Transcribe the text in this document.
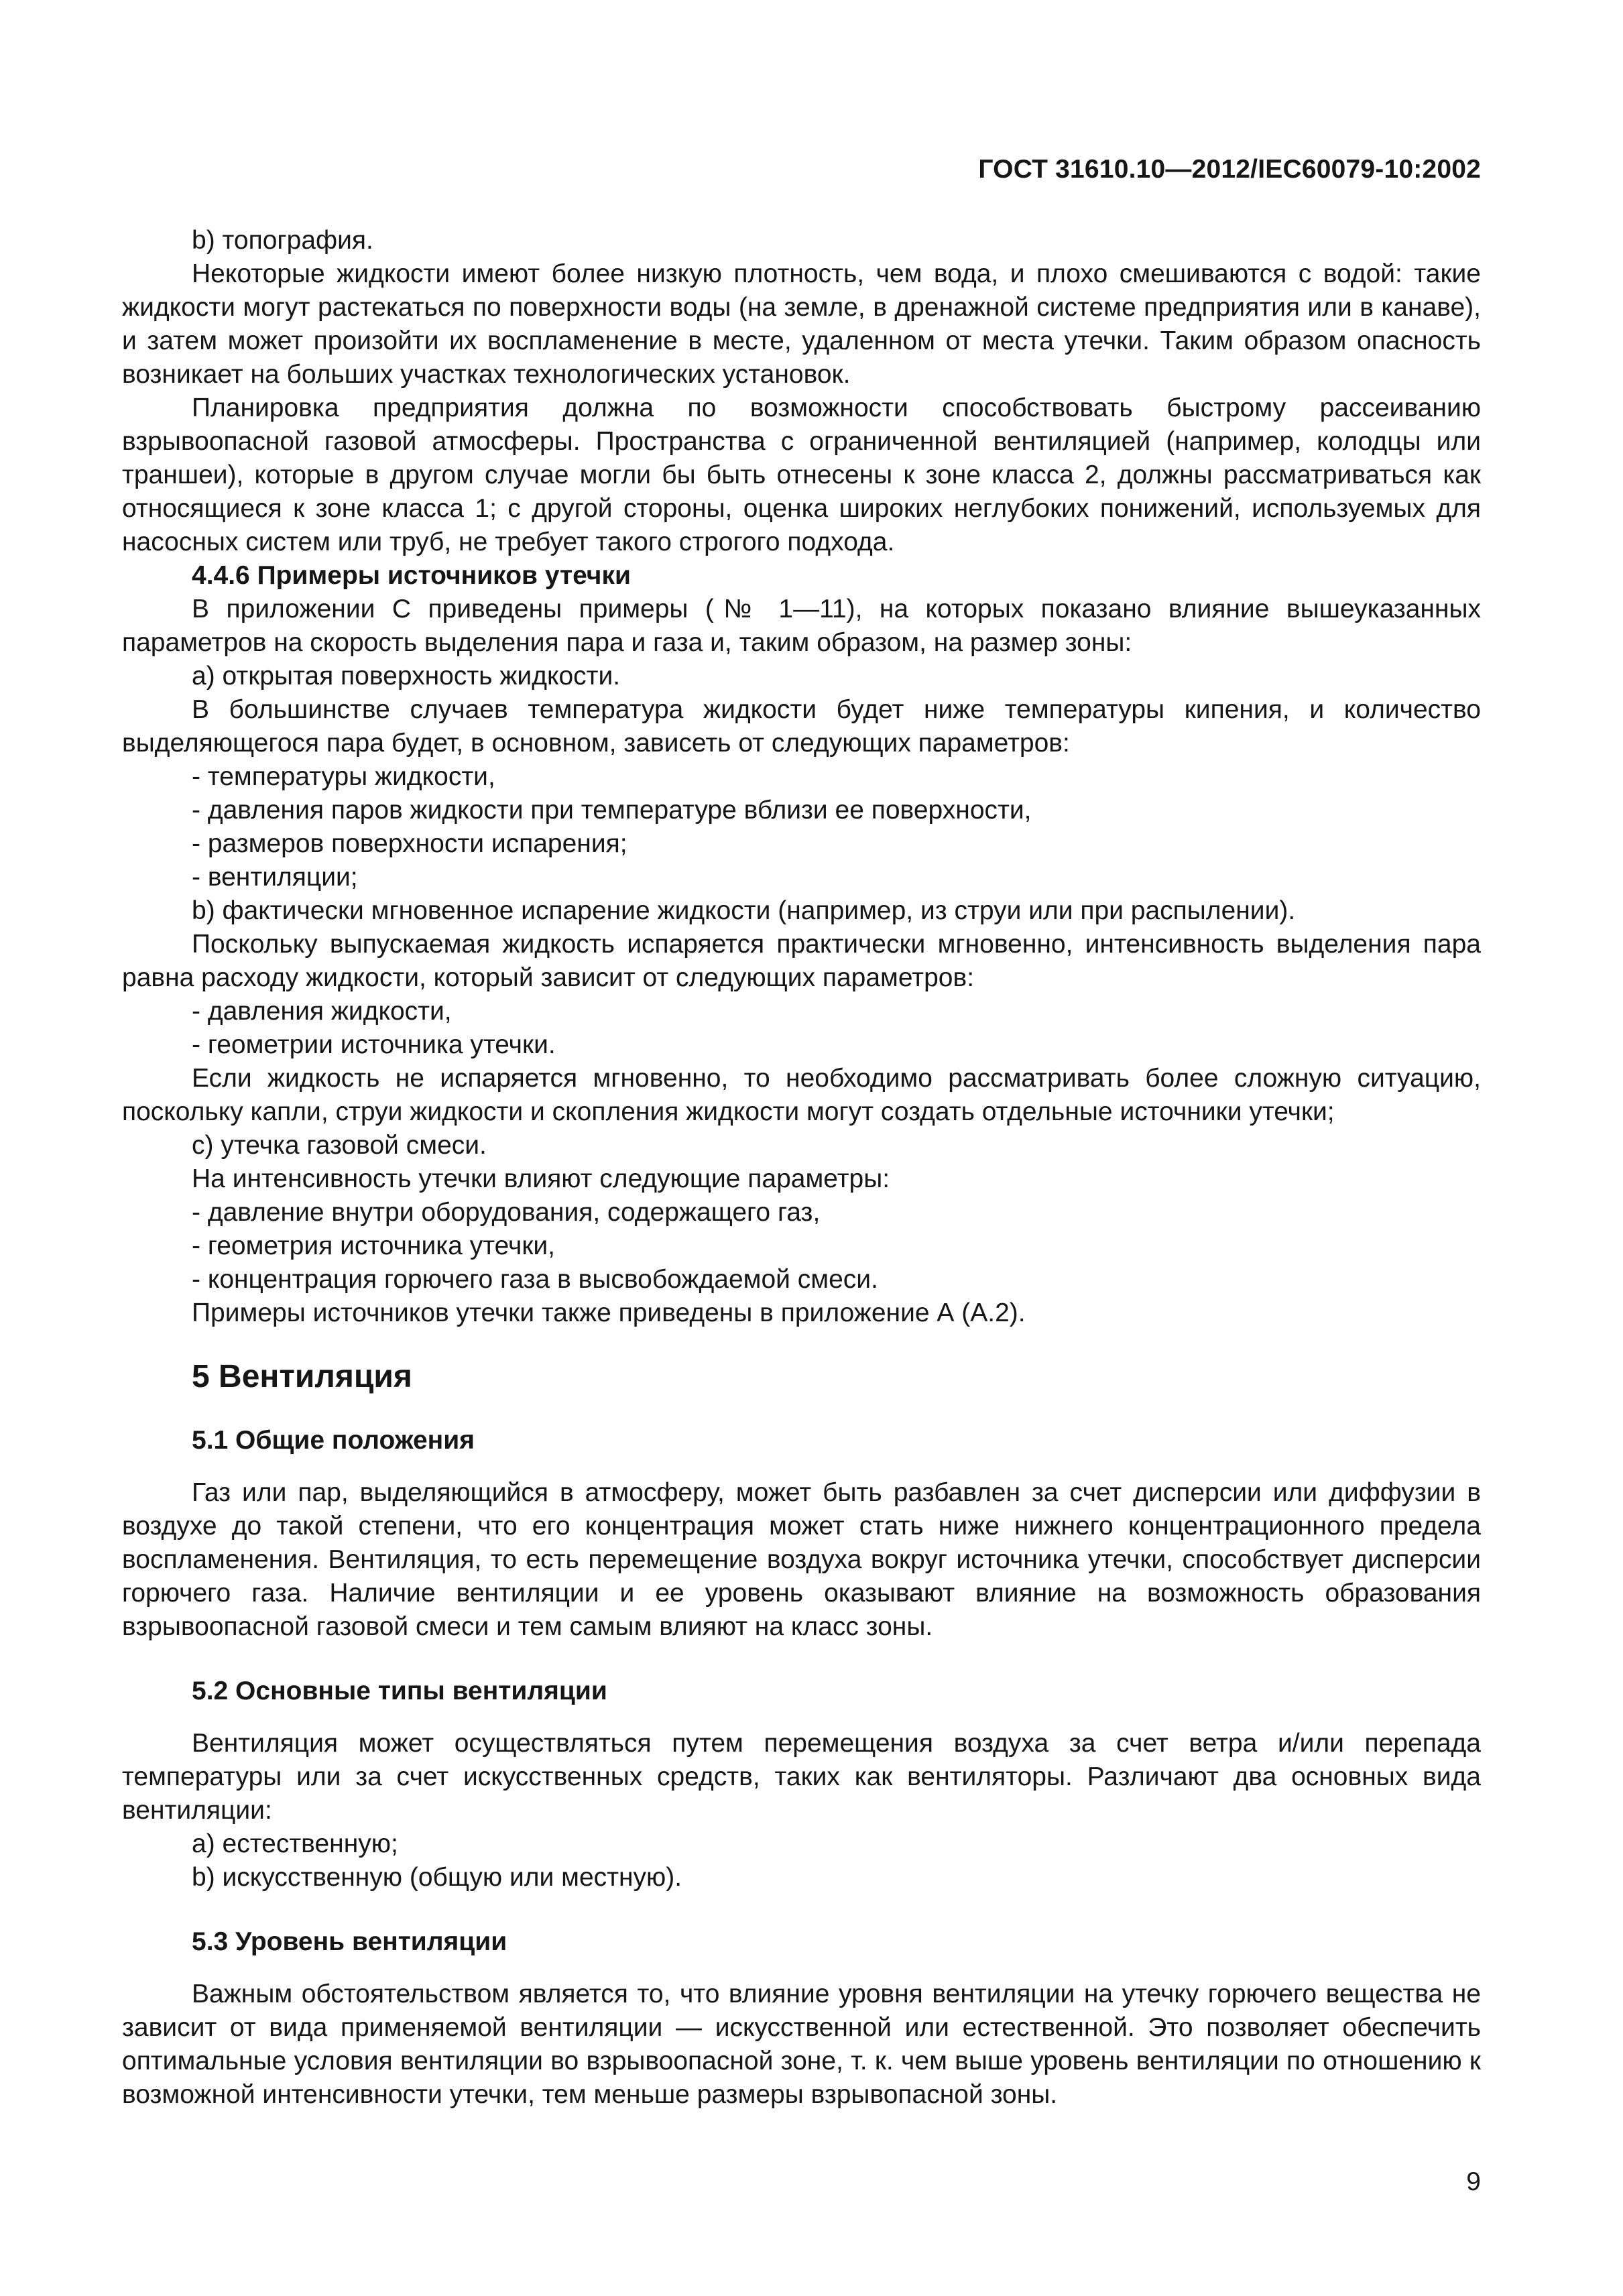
ГОСТ 31610.10—2012/IEC60079-10:2002

b) топография.

Некоторые жидкости имеют более низкую плотность, чем вода, и плохо смешиваются с водой: такие жидкости могут растекаться по поверхности воды (на земле, в дренажной системе предприятия или в канаве), и затем может произойти их воспламенение в месте, удаленном от места утечки. Таким образом опасность возникает на больших участках технологических установок.

Планировка предприятия должна по возможности способствовать быстрому рассеиванию взрывоопасной газовой атмосферы. Пространства с ограниченной вентиляцией (например, колодцы или траншеи), которые в другом случае могли бы быть отнесены к зоне класса 2, должны рассматриваться как относящиеся к зоне класса 1; с другой стороны, оценка широких неглубоких понижений, используемых для насосных систем или труб, не требует такого строгого подхода.

4.4.6 Примеры источников утечки

В приложении С приведены примеры (№ 1—11), на которых показано влияние вышеуказанных параметров на скорость выделения пара и газа и, таким образом, на размер зоны:

a) открытая поверхность жидкости.

В большинстве случаев температура жидкости будет ниже температуры кипения, и количество выделяющегося пара будет, в основном, зависеть от следующих параметров:

- температуры жидкости,

- давления паров жидкости при температуре вблизи ее поверхности,

- размеров поверхности испарения;

- вентиляции;

b) фактически мгновенное испарение жидкости (например, из струи или при распылении).

Поскольку выпускаемая жидкость испаряется практически мгновенно, интенсивность выделения пара равна расходу жидкости, который зависит от следующих параметров:

- давления жидкости,

- геометрии источника утечки.

Если жидкость не испаряется мгновенно, то необходимо рассматривать более сложную ситуацию, поскольку капли, струи жидкости и скопления жидкости могут создать отдельные источники утечки;

c) утечка газовой смеси.

На интенсивность утечки влияют следующие параметры:

- давление внутри оборудования, содержащего газ,

- геометрия источника утечки,

- концентрация горючего газа в высвобождаемой смеси.

Примеры источников утечки также приведены в приложение А (А.2).

5 Вентиляция
5.1 Общие положения

Газ или пар, выделяющийся в атмосферу, может быть разбавлен за счет дисперсии или диффузии в воздухе до такой степени, что его концентрация может стать ниже нижнего концентрационного предела воспламенения. Вентиляция, то есть перемещение воздуха вокруг источника утечки, способствует дисперсии горючего газа. Наличие вентиляции и ее уровень оказывают влияние на возможность образования взрывоопасной газовой смеси и тем самым влияют на класс зоны.

5.2 Основные типы вентиляции

Вентиляция может осуществляться путем перемещения воздуха за счет ветра и/или перепада температуры или за счет искусственных средств, таких как вентиляторы. Различают два основных вида вентиляции:

a) естественную;

b) искусственную (общую или местную).

5.3 Уровень вентиляции

Важным обстоятельством является то, что влияние уровня вентиляции на утечку горючего вещества не зависит от вида применяемой вентиляции — искусственной или естественной. Это позволяет обеспечить оптимальные условия вентиляции во взрывоопасной зоне, т. к. чем выше уровень вентиляции по отношению к возможной интенсивности утечки, тем меньше размеры взрывопасной зоны.

9
